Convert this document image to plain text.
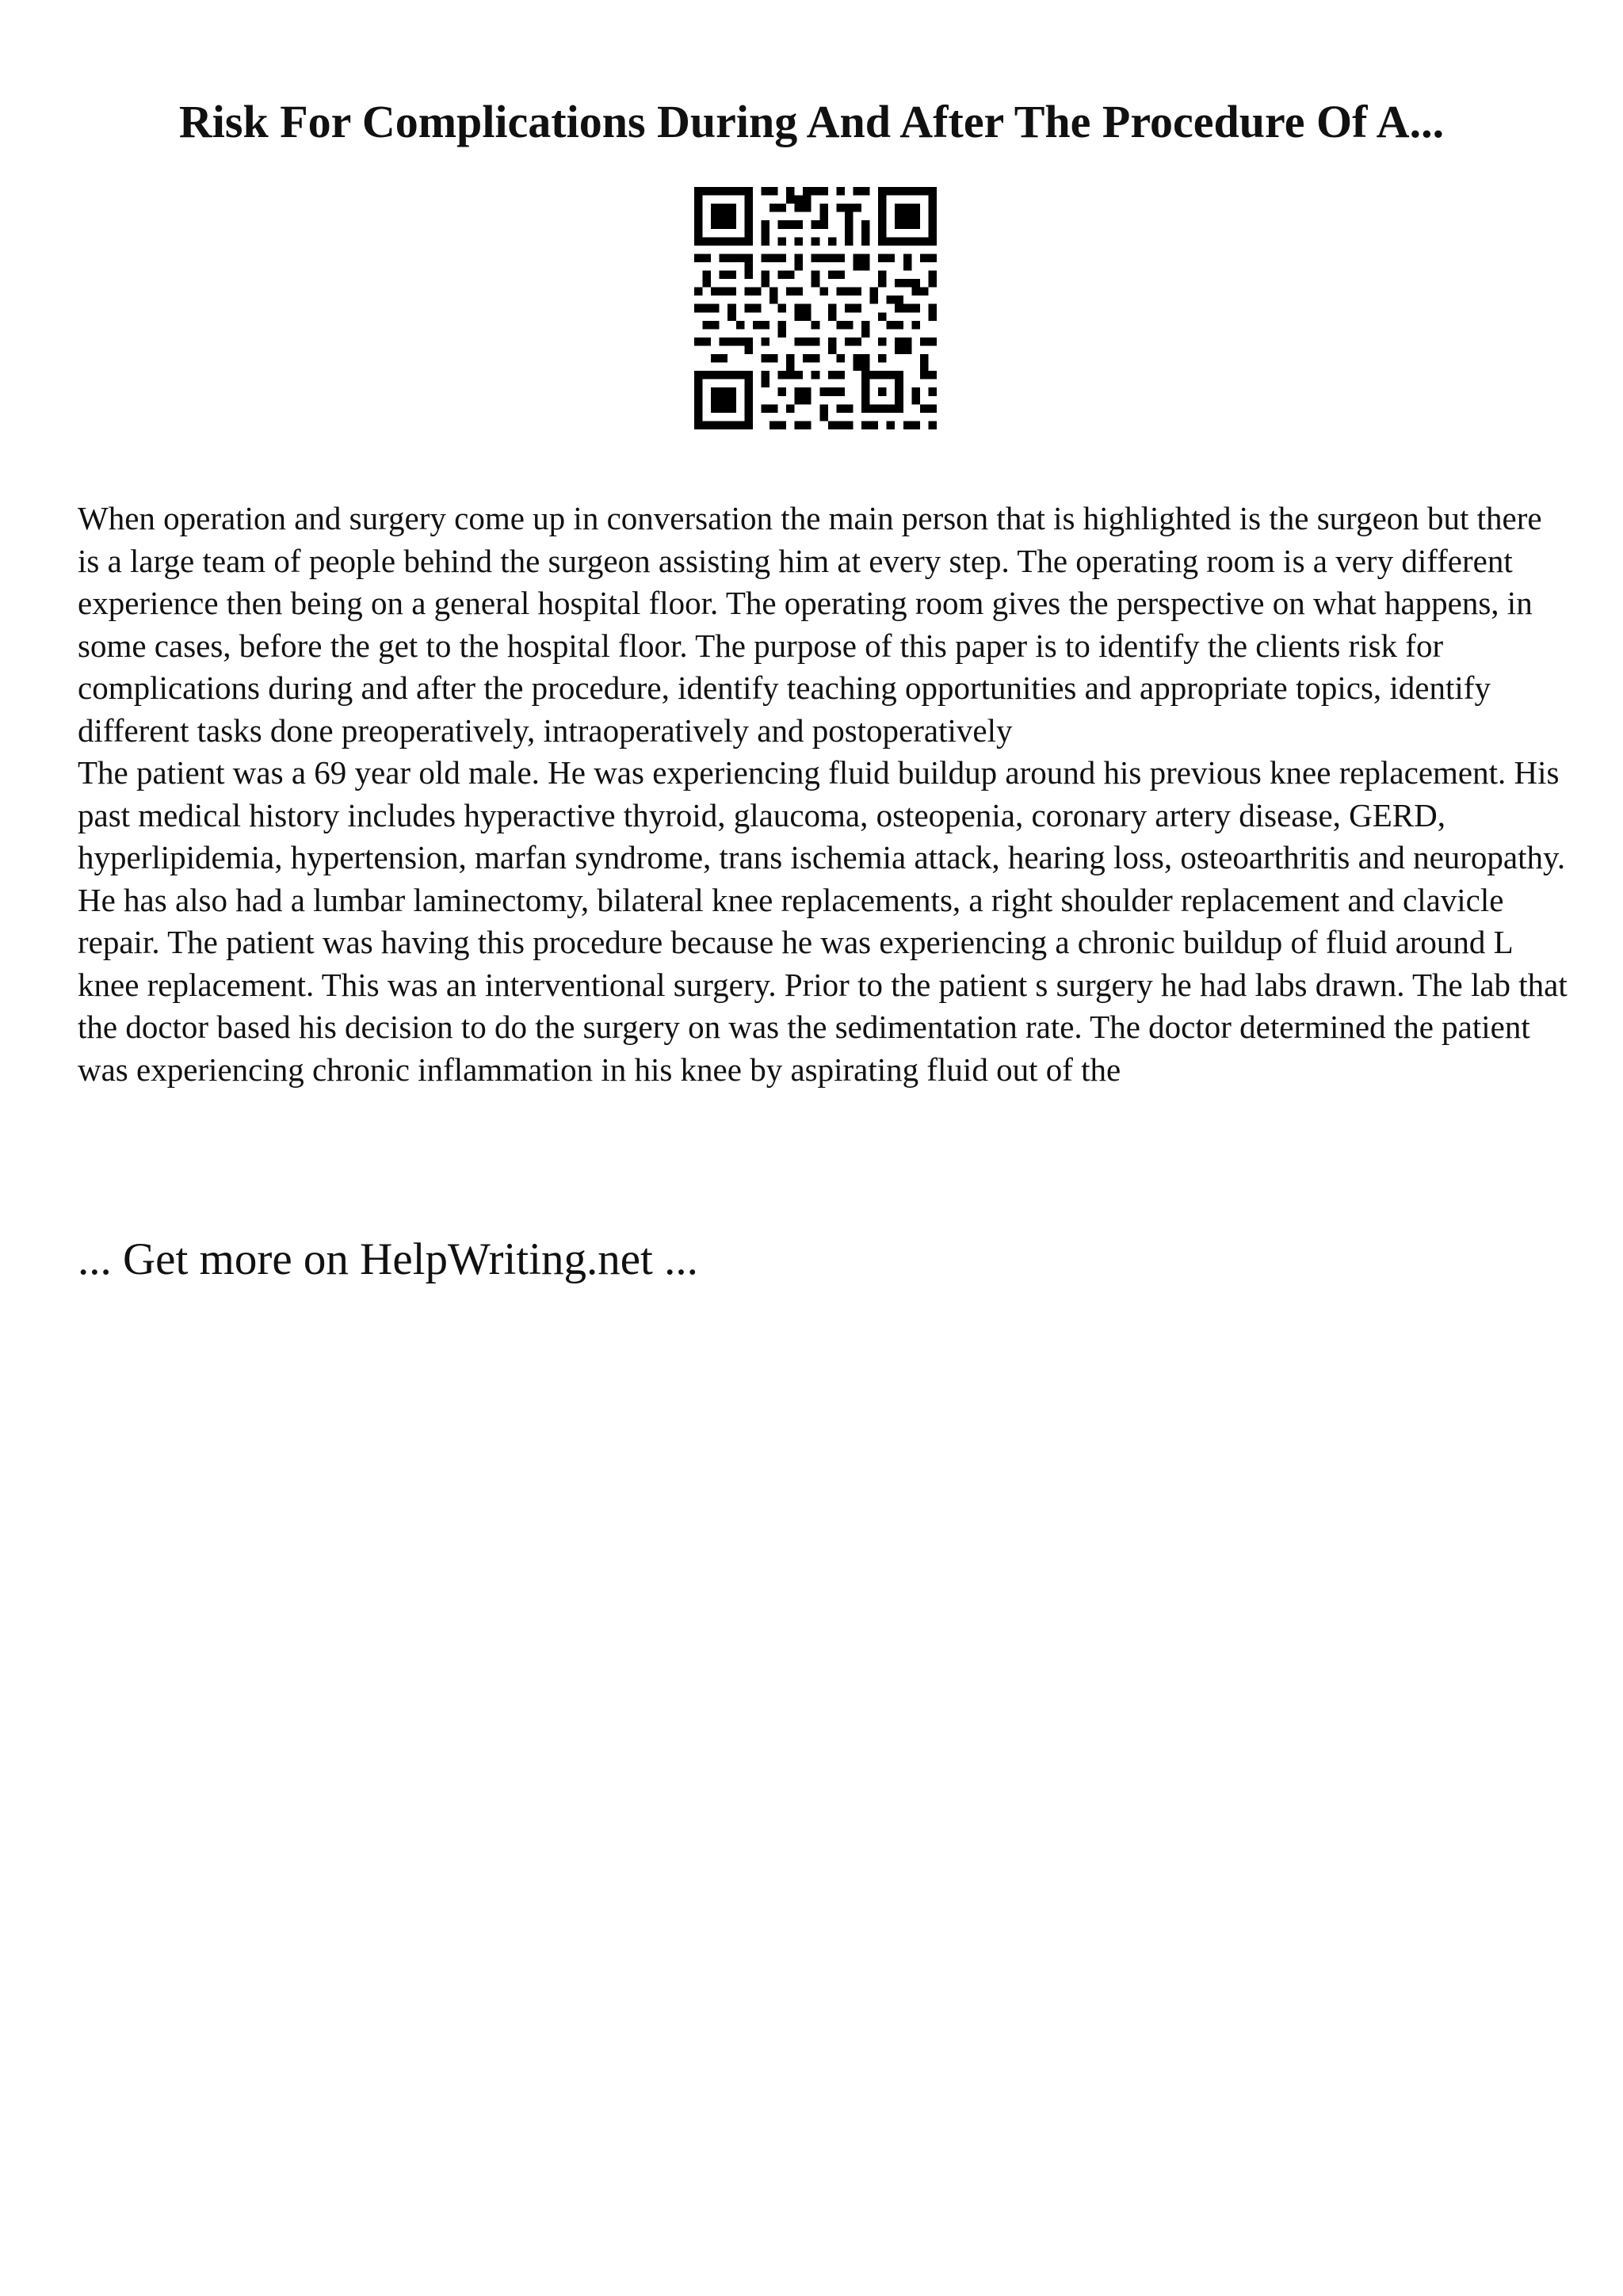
Risk For Complications During And After The Procedure Of A...

When operation and surgery come up in conversation the main person that is highlighted is the surgeon but there is a large team of people behind the surgeon assisting him at every step. The operating room is a very different experience then being on a general hospital floor. The operating room gives the perspective on what happens, in some cases, before the get to the hospital floor. The purpose of this paper is to identify the clients risk for complications during and after the procedure, identify teaching opportunities and appropriate topics, identify different tasks done preoperatively, intraoperatively and postoperatively

The patient was a 69 year old male. He was experiencing fluid buildup around his previous knee replacement. His past medical history includes hyperactive thyroid, glaucoma, osteopenia, coronary artery disease, GERD, hyperlipidemia, hypertension, marfan syndrome, trans ischemia attack, hearing loss, osteoarthritis and neuropathy. He has also had a lumbar laminectomy, bilateral knee replacements, a right shoulder replacement and clavicle repair. The patient was having this procedure because he was experiencing a chronic buildup of fluid around L knee replacement. This was an interventional surgery. Prior to the patient s surgery he had labs drawn. The lab that the doctor based his decision to do the surgery on was the sedimentation rate. The doctor determined the patient was experiencing chronic inflammation in his knee by aspirating fluid out of the

... Get more on HelpWriting.net ...
